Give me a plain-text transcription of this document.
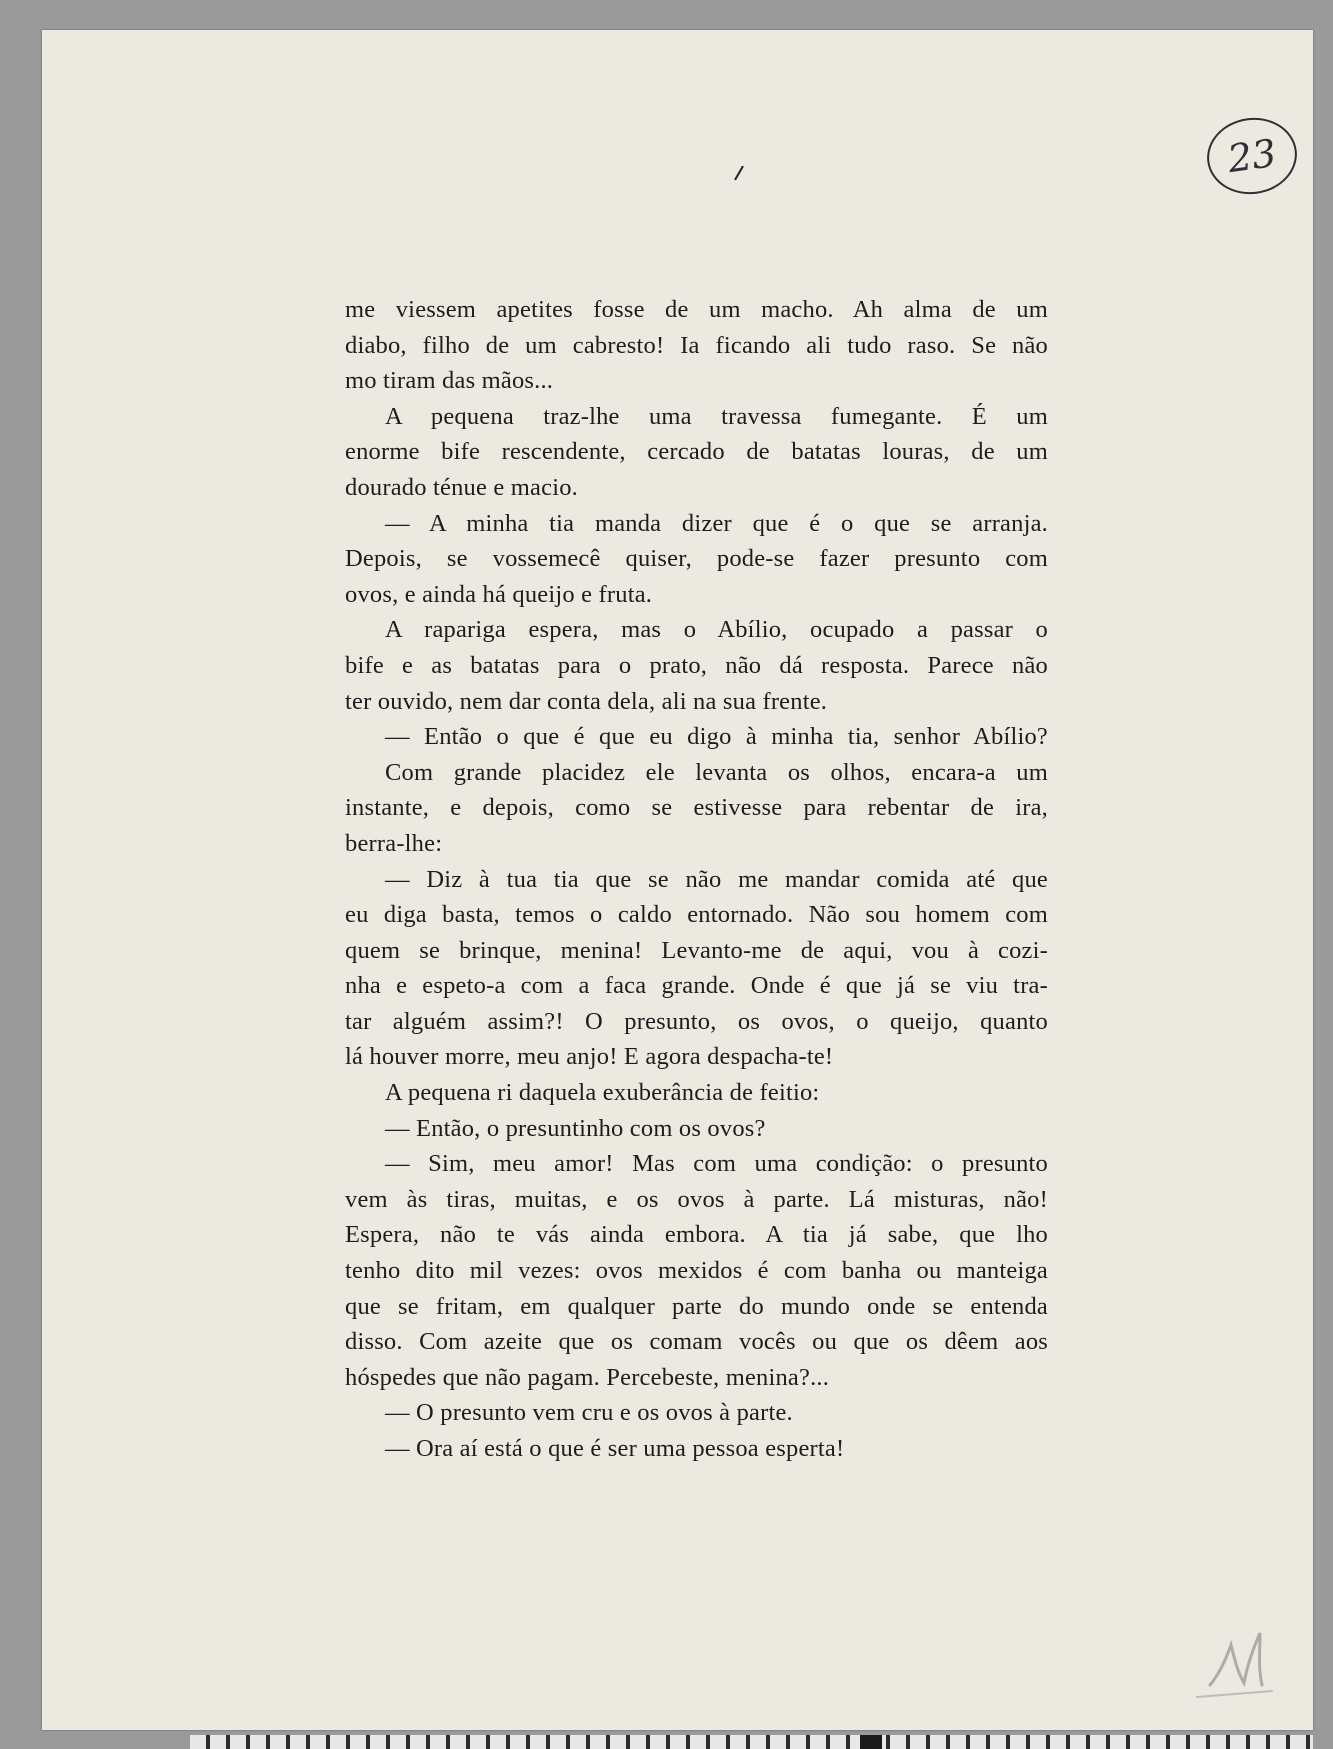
23
me viessem apetites fosse de um macho. Ah alma de um
diabo, filho de um cabresto! Ia ficando ali tudo raso. Se não
mo tiram das mãos...
A pequena traz-lhe uma travessa fumegante. É um
enorme bife rescendente, cercado de batatas louras, de um
dourado ténue e macio.
— A minha tia manda dizer que é o que se arranja.
Depois, se vossemecê quiser, pode-se fazer presunto com
ovos, e ainda há queijo e fruta.
A rapariga espera, mas o Abílio, ocupado a passar o
bife e as batatas para o prato, não dá resposta. Parece não
ter ouvido, nem dar conta dela, ali na sua frente.
— Então o que é que eu digo à minha tia, senhor Abílio?
Com grande placidez ele levanta os olhos, encara-a um
instante, e depois, como se estivesse para rebentar de ira,
berra-lhe:
— Diz à tua tia que se não me mandar comida até que
eu diga basta, temos o caldo entornado. Não sou homem com
quem se brinque, menina! Levanto-me de aqui, vou à cozi-
nha e espeto-a com a faca grande. Onde é que já se viu tra-
tar alguém assim?! O presunto, os ovos, o queijo, quanto
lá houver morre, meu anjo! E agora despacha-te!
A pequena ri daquela exuberância de feitio:
— Então, o presuntinho com os ovos?
— Sim, meu amor! Mas com uma condição: o presunto
vem às tiras, muitas, e os ovos à parte. Lá misturas, não!
Espera, não te vás ainda embora. A tia já sabe, que lho
tenho dito mil vezes: ovos mexidos é com banha ou manteiga
que se fritam, em qualquer parte do mundo onde se entenda
disso. Com azeite que os comam vocês ou que os dêem aos
hóspedes que não pagam. Percebeste, menina?...
— O presunto vem cru e os ovos à parte.
— Ora aí está o que é ser uma pessoa esperta!
